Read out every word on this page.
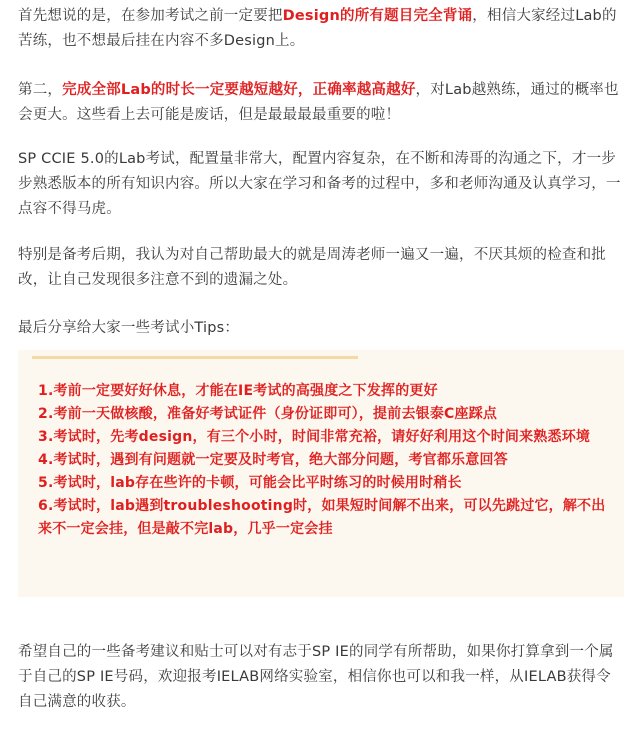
首先想说的是，在参加考试之前一定要把Design的所有题目完全背诵，相信大家经过Lab的苦练，也不想最后挂在内容不多Design上。

第二，完成全部Lab的时长一定要越短越好，正确率越高越好，对Lab越熟练，通过的概率也会更大。这些看上去可能是废话，但是最最最最重要的啦！

SP CCIE 5.0的Lab考试，配置量非常大，配置内容复杂，在不断和涛哥的沟通之下，才一步步熟悉版本的所有知识内容。所以大家在学习和备考的过程中，多和老师沟通及认真学习，一点容不得马虎。

特别是备考后期，我认为对自己帮助最大的就是周涛老师一遍又一遍，不厌其烦的检查和批改，让自己发现很多注意不到的遗漏之处。

最后分享给大家一些考试小Tips：

1.考前一定要好好休息，才能在IE考试的高强度之下发挥的更好
2.考前一天做核酸，准备好考试证件（身份证即可），提前去银泰C座踩点
3.考试时，先考design，有三个小时，时间非常充裕，请好好利用这个时间来熟悉环境
4.考试时，遇到有问题就一定要及时考官，绝大部分问题，考官都乐意回答
5.考试时，lab存在些许的卡顿，可能会比平时练习的时候用时稍长
6.考试时，lab遇到troubleshooting时，如果短时间解不出来，可以先跳过它，解不出来不一定会挂，但是敲不完lab，几乎一定会挂

希望自己的一些备考建议和贴士可以对有志于SP IE的同学有所帮助，如果你打算拿到一个属于自己的SP IE号码，欢迎报考IELAB网络实验室，相信你也可以和我一样，从IELAB获得令自己满意的收获。
